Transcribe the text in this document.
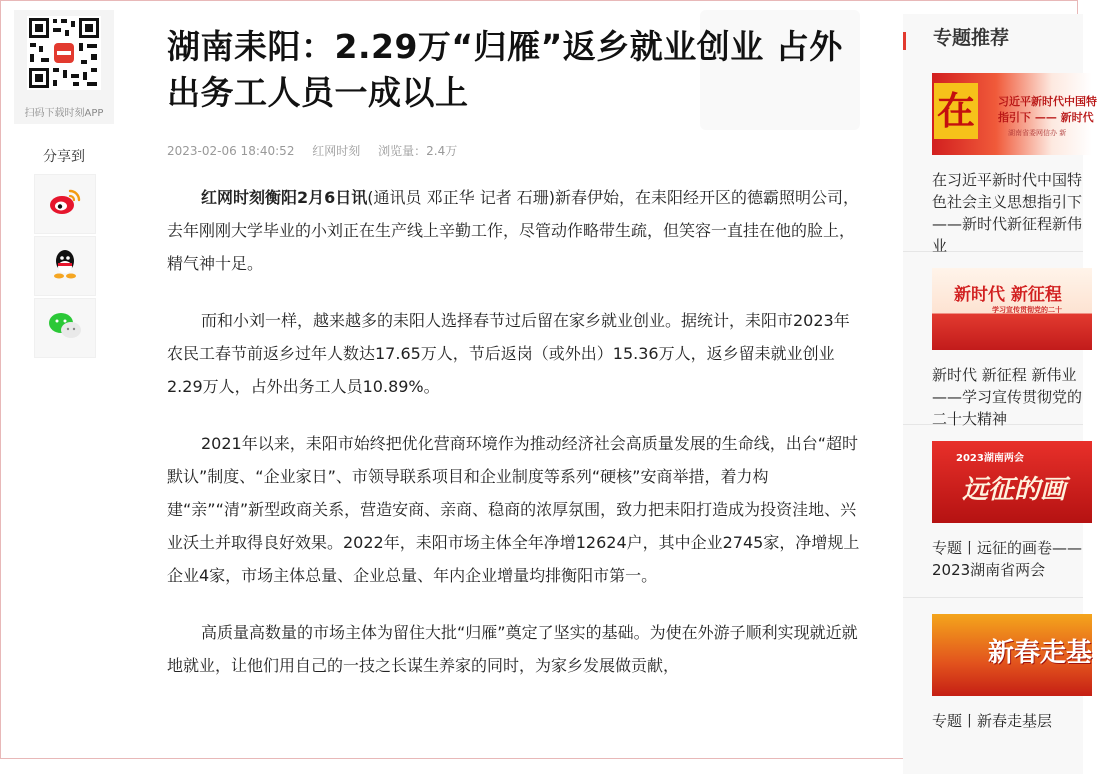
扫码下载时刻APP
分享到
湖南耒阳：2.29万“归雁”返乡就业创业 占外出务工人员一成以上
2023-02-06 18:40:52 红网时刻 浏览量：2.4万

红网时刻衡阳2月6日讯(通讯员 邓正华 记者 石珊)新春伊始，在耒阳经开区的德霸照明公司，去年刚刚大学毕业的小刘正在生产线上辛勤工作，尽管动作略带生疏，但笑容一直挂在他的脸上，精气神十足。

而和小刘一样，越来越多的耒阳人选择春节过后留在家乡就业创业。据统计，耒阳市2023年农民工春节前返乡过年人数达17.65万人，节后返岗（或外出）15.36万人，返乡留耒就业创业2.29万人，占外出务工人员10.89%。

2021年以来，耒阳市始终把优化营商环境作为推动经济社会高质量发展的生命线，出台“超时默认”制度、“企业家日”、市领导联系项目和企业制度等系列“硬核”安商举措，着力构建“亲”“清”新型政商关系，营造安商、亲商、稳商的浓厚氛围，致力把耒阳打造成为投资洼地、兴业沃土并取得良好效果。2022年，耒阳市场主体全年净增12624户，其中企业2745家，净增规上企业4家，市场主体总量、企业总量、年内企业增量均排衡阳市第一。

高质量高数量的市场主体为留住大批“归雁”奠定了坚实的基础。为使在外游子顺利实现就近就地就业，让他们用自己的一技之长谋生养家的同时，为家乡发展做贡献，

专题推荐
在 习近平新时代中国特
指引下 —— 新时代
湖南省委网信办 新
在习近平新时代中国特色社会主义思想指引下——新时代新征程新伟业
新时代 新征程
学习宣传贯彻党的二十
新时代 新征程 新伟业——学习宣传贯彻党的二十大精神
2023湖南两会
远征的画
专题丨远征的画卷——2023湖南省两会
新春走基
专题丨新春走基层
